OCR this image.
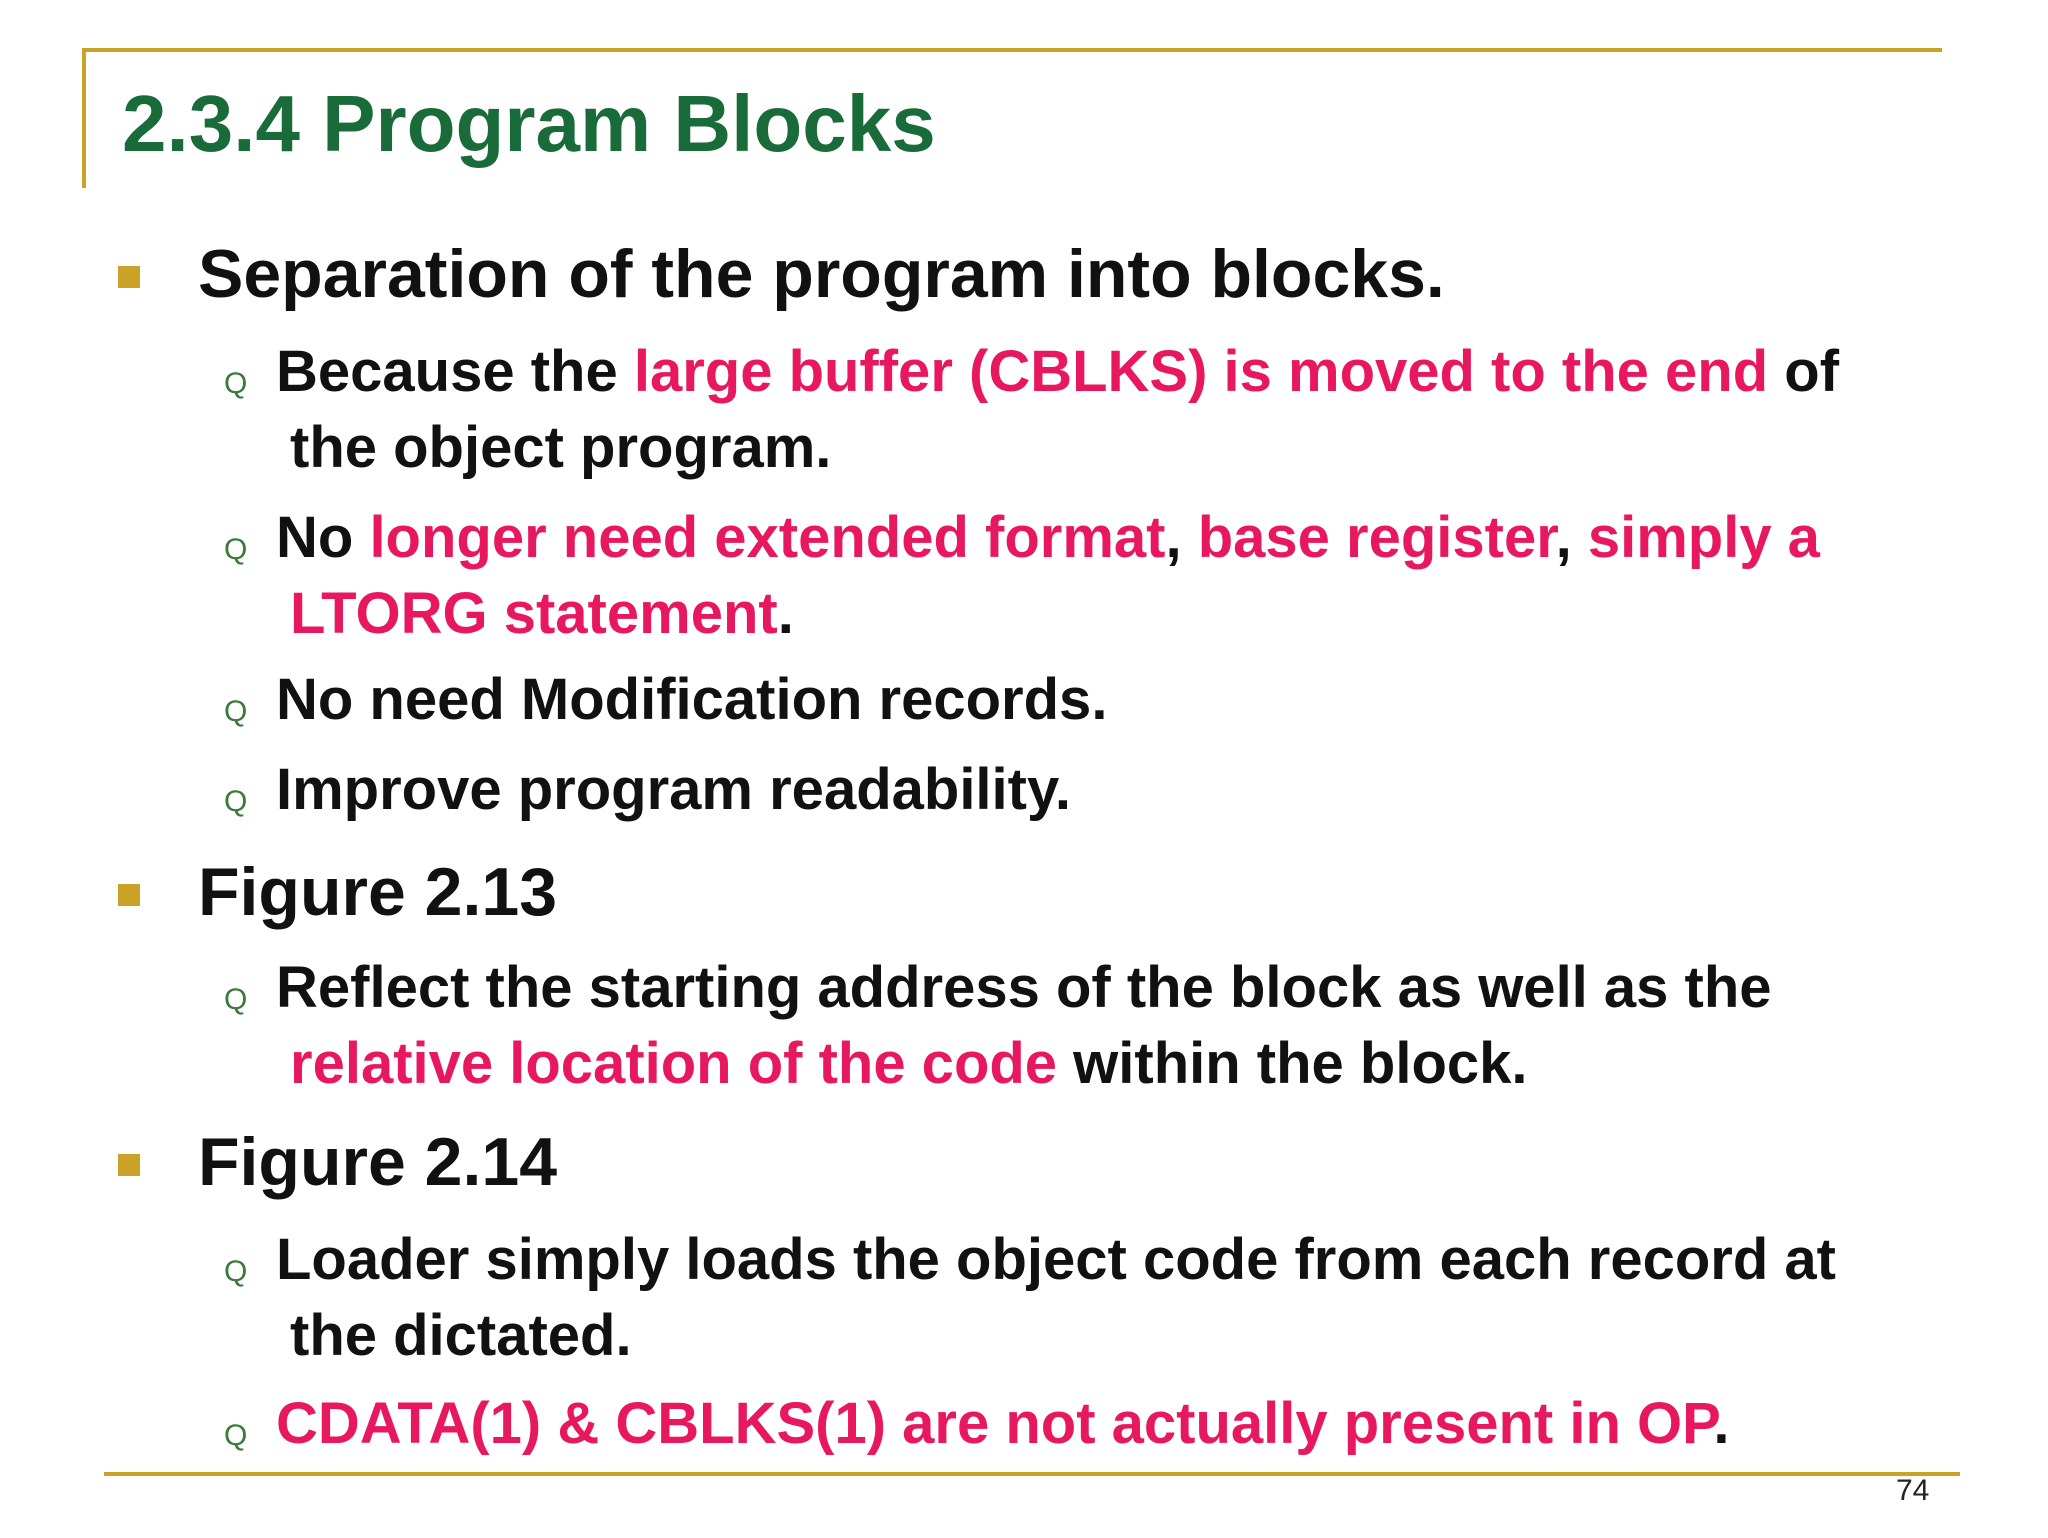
2.3.4 Program Blocks
Separation of the program into blocks.
Q Because the large buffer (CBLKS) is moved to the end of
the object program.
Q No longer need extended format, base register, simply a
LTORG statement.
Q No need Modification records.
Q Improve program readability.
Figure 2.13
Q Reflect the starting address of the block as well as the
relative location of the code within the block.
Figure 2.14
Q Loader simply loads the object code from each record at
the dictated.
Q CDATA(1) & CBLKS(1) are not actually present in OP.
74
